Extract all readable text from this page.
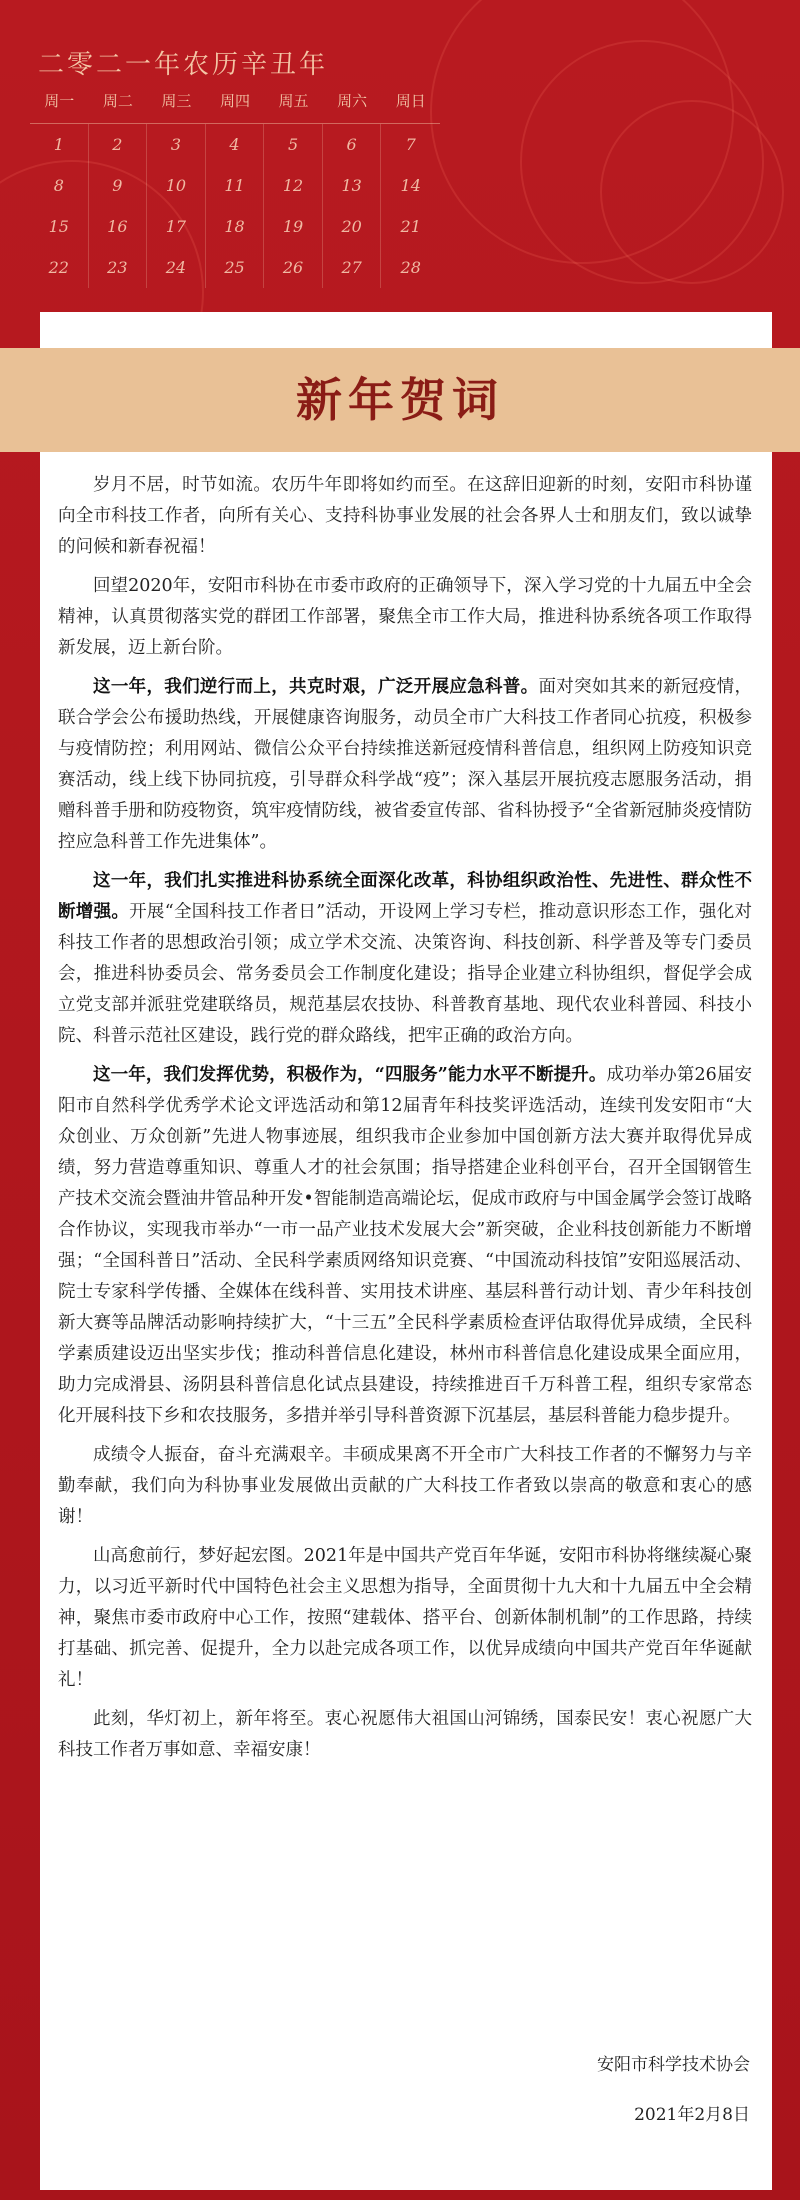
二零二一年农历辛丑年
周一	周二	周三	周四	周五	周六	周日
1	2	3	4	5	6	7
8	9	10	11	12	13	14
15	16	17	18	19	20	21
22	23	24	25	26	27	28
新年贺词

岁月不居，时节如流。农历牛年即将如约而至。在这辞旧迎新的时刻，安阳市科协谨向全市科技工作者，向所有关心、支持科协事业发展的社会各界人士和朋友们，致以诚挚的问候和新春祝福！

回望2020年，安阳市科协在市委市政府的正确领导下，深入学习党的十九届五中全会精神，认真贯彻落实党的群团工作部署，聚焦全市工作大局，推进科协系统各项工作取得新发展，迈上新台阶。

这一年，我们逆行而上，共克时艰，广泛开展应急科普。面对突如其来的新冠疫情，联合学会公布援助热线，开展健康咨询服务，动员全市广大科技工作者同心抗疫，积极参与疫情防控；利用网站、微信公众平台持续推送新冠疫情科普信息，组织网上防疫知识竞赛活动，线上线下协同抗疫，引导群众科学战“疫”；深入基层开展抗疫志愿服务活动，捐赠科普手册和防疫物资，筑牢疫情防线，被省委宣传部、省科协授予“全省新冠肺炎疫情防控应急科普工作先进集体”。

这一年，我们扎实推进科协系统全面深化改革，科协组织政治性、先进性、群众性不断增强。开展“全国科技工作者日”活动，开设网上学习专栏，推动意识形态工作，强化对科技工作者的思想政治引领；成立学术交流、决策咨询、科技创新、科学普及等专门委员会，推进科协委员会、常务委员会工作制度化建设；指导企业建立科协组织，督促学会成立党支部并派驻党建联络员，规范基层农技协、科普教育基地、现代农业科普园、科技小院、科普示范社区建设，践行党的群众路线，把牢正确的政治方向。

这一年，我们发挥优势，积极作为，“四服务”能力水平不断提升。成功举办第26届安阳市自然科学优秀学术论文评选活动和第12届青年科技奖评选活动，连续刊发安阳市“大众创业、万众创新”先进人物事迹展，组织我市企业参加中国创新方法大赛并取得优异成绩，努力营造尊重知识、尊重人才的社会氛围；指导搭建企业科创平台，召开全国钢管生产技术交流会暨油井管品种开发•智能制造高端论坛，促成市政府与中国金属学会签订战略合作协议，实现我市举办“一市一品产业技术发展大会”新突破，企业科技创新能力不断增强；“全国科普日”活动、全民科学素质网络知识竞赛、“中国流动科技馆”安阳巡展活动、院士专家科学传播、全媒体在线科普、实用技术讲座、基层科普行动计划、青少年科技创新大赛等品牌活动影响持续扩大，“十三五”全民科学素质检查评估取得优异成绩，全民科学素质建设迈出坚实步伐；推动科普信息化建设，林州市科普信息化建设成果全面应用，助力完成滑县、汤阴县科普信息化试点县建设，持续推进百千万科普工程，组织专家常态化开展科技下乡和农技服务，多措并举引导科普资源下沉基层，基层科普能力稳步提升。

成绩令人振奋，奋斗充满艰辛。丰硕成果离不开全市广大科技工作者的不懈努力与辛勤奉献，我们向为科协事业发展做出贡献的广大科技工作者致以崇高的敬意和衷心的感谢！

山高愈前行，梦好起宏图。2021年是中国共产党百年华诞，安阳市科协将继续凝心聚力，以习近平新时代中国特色社会主义思想为指导，全面贯彻十九大和十九届五中全会精神，聚焦市委市政府中心工作，按照“建载体、搭平台、创新体制机制”的工作思路，持续打基础、抓完善、促提升，全力以赴完成各项工作，以优异成绩向中国共产党百年华诞献礼！

此刻，华灯初上，新年将至。衷心祝愿伟大祖国山河锦绣，国泰民安！衷心祝愿广大科技工作者万事如意、幸福安康！

安阳市科学技术协会
2021年2月8日
